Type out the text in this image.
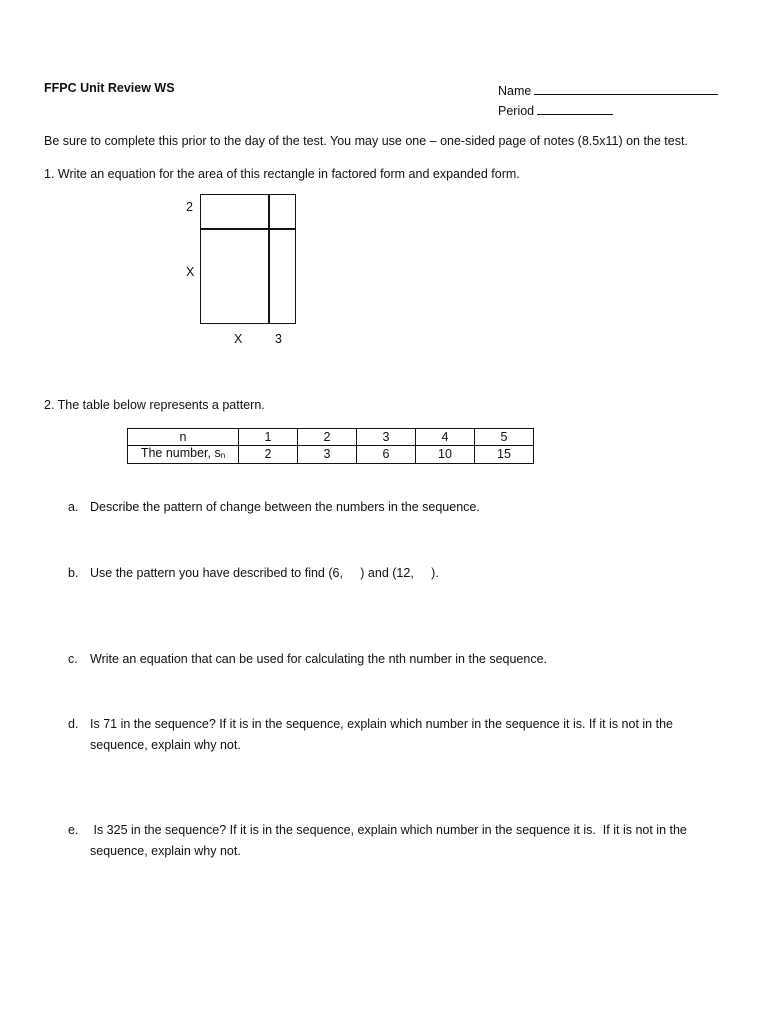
FFPC Unit Review WS	Name
Period
Be sure to complete this prior to the day of the test. You may use one – one-sided page of notes (8.5x11) on the test.
1. Write an equation for the area of this rectangle in factored form and expanded form.
2
X
X	3
2. The table below represents a pattern.
n	1	2	3	4	5
The number, $s_n$	2	3	6	10	15
a. Describe the pattern of change between the numbers in the sequence.
b. Use the pattern you have described to find (6,     ) and (12,     ).
c. Write an equation that can be used for calculating the nth number in the sequence.
d. Is 71 in the sequence? If it is in the sequence, explain which number in the sequence it is. If it is not in the
sequence, explain why not.
e. Is 325 in the sequence? If it is in the sequence, explain which number in the sequence it is.  If it is not in the
sequence, explain why not.
